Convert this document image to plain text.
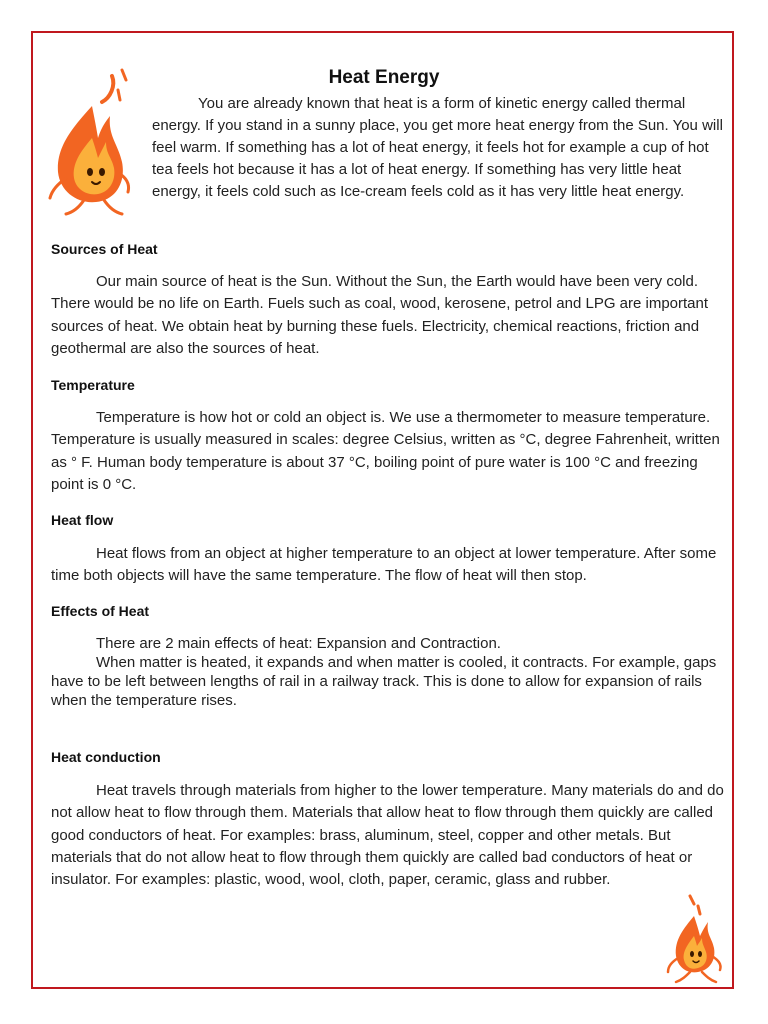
Heat Energy

You are already known that heat is a form of kinetic energy called thermal energy. If you stand in a sunny place, you get more heat energy from the Sun. You will feel warm. If something has a lot of heat energy, it feels hot for example a cup of hot tea feels hot because it has a lot of heat energy. If something has very little heat energy, it feels cold such as Ice-cream feels cold as it has very little heat energy.

Sources of Heat

Our main source of heat is the Sun. Without the Sun, the Earth would have been very cold. There would be no life on Earth. Fuels such as coal, wood, kerosene, petrol and LPG are important sources of heat. We obtain heat by burning these fuels. Electricity, chemical reactions, friction and geothermal are also the sources of heat.

Temperature

Temperature is how hot or cold an object is. We use a thermometer to measure temperature. Temperature is usually measured in scales: degree Celsius, written as °C, degree Fahrenheit, written as ° F. Human body temperature is about 37 °C, boiling point of pure water is 100 °C and freezing point is 0 °C.

Heat flow

Heat flows from an object at higher temperature to an object at lower temperature. After some time both objects will have the same temperature. The flow of heat will then stop.

Effects of Heat

There are 2 main effects of heat: Expansion and Contraction.
When matter is heated, it expands and when matter is cooled, it contracts. For example, gaps have to be left between lengths of rail in a railway track. This is done to allow for expansion of rails when the temperature rises.

Heat conduction

Heat travels through materials from higher to the lower temperature. Many materials do and do not allow heat to flow through them. Materials that allow heat to flow through them quickly are called good conductors of heat. For examples: brass, aluminum, steel, copper and other metals. But materials that do not allow heat to flow through them quickly are called bad conductors of heat or insulator. For examples: plastic, wood, wool, cloth, paper, ceramic, glass and rubber.
